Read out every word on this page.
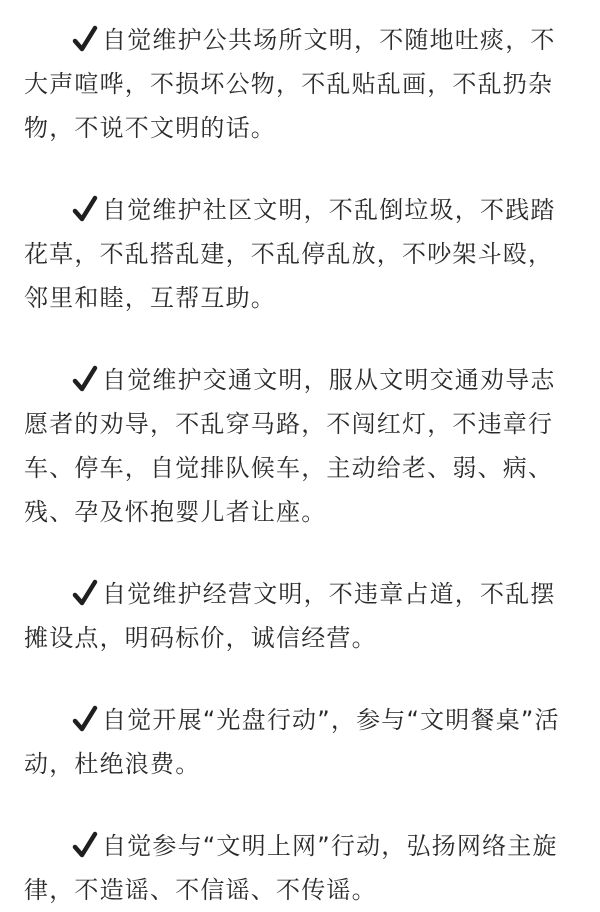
自觉维护公共场所文明，不随地吐痰，不大声喧哗，不损坏公物，不乱贴乱画，不乱扔杂物，不说不文明的话。

自觉维护社区文明，不乱倒垃圾，不践踏花草，不乱搭乱建，不乱停乱放，不吵架斗殴，邻里和睦，互帮互助。

自觉维护交通文明，服从文明交通劝导志愿者的劝导，不乱穿马路，不闯红灯，不违章行车、停车，自觉排队候车，主动给老、弱、病、残、孕及怀抱婴儿者让座。

自觉维护经营文明，不违章占道，不乱摆摊设点，明码标价，诚信经营。

自觉开展“光盘行动”，参与“文明餐桌”活动，杜绝浪费。

自觉参与“文明上网”行动，弘扬网络主旋律，不造谣、不信谣、不传谣。
